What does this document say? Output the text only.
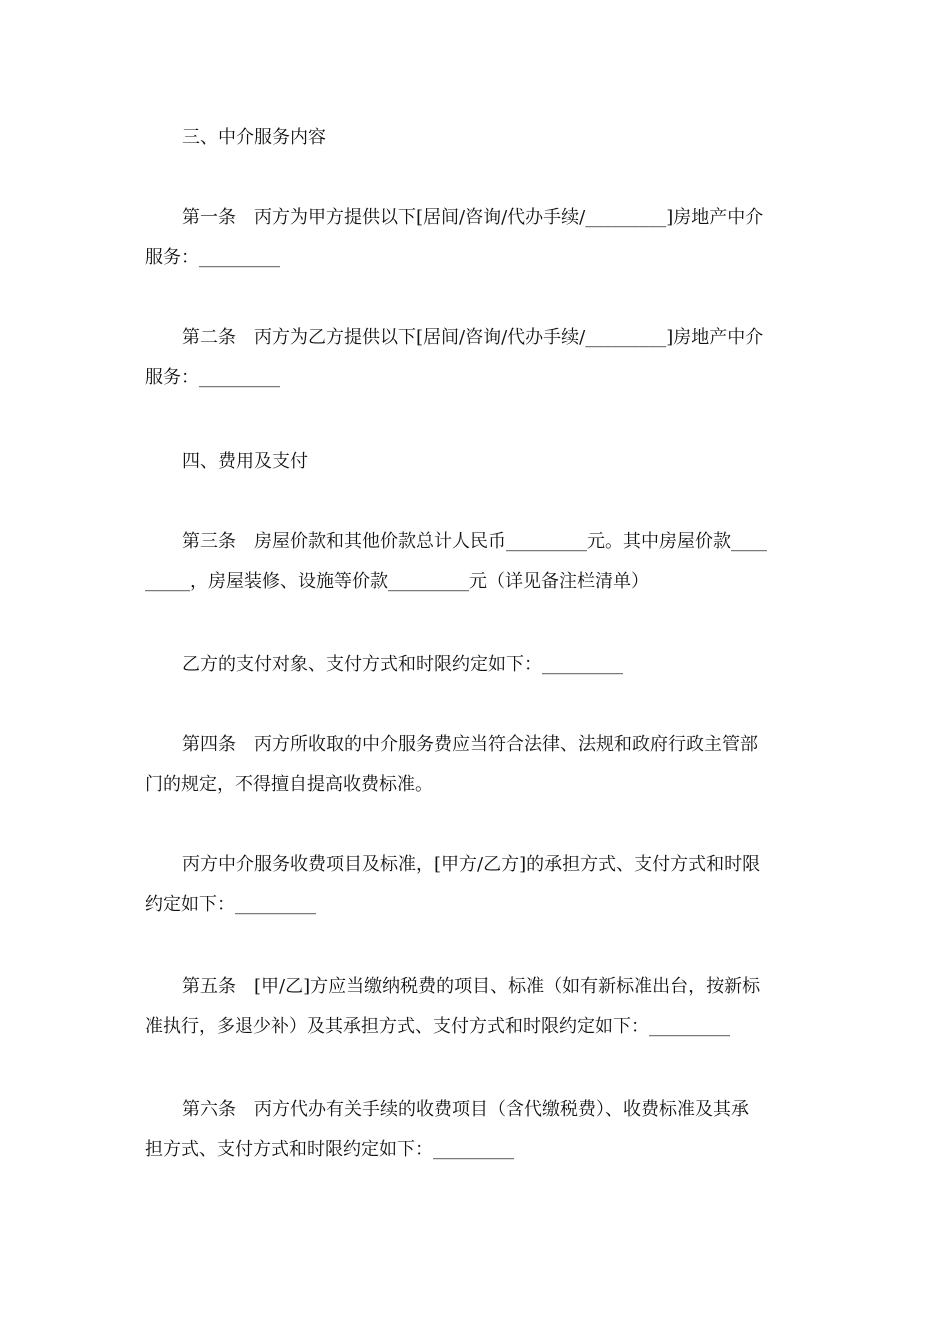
三、中介服务内容

第一条　丙方为甲方提供以下[居间/咨询/代办手续/_________]房地产中介
服务：_________

第二条　丙方为乙方提供以下[居间/咨询/代办手续/_________]房地产中介
服务：_________

四、费用及支付

第三条　房屋价款和其他价款总计人民币_________元。其中房屋价款____
_____，房屋装修、设施等价款_________元（详见备注栏清单）

乙方的支付对象、支付方式和时限约定如下：_________

第四条　丙方所收取的中介服务费应当符合法律、法规和政府行政主管部
门的规定，不得擅自提高收费标准。

丙方中介服务收费项目及标准，[甲方/乙方]的承担方式、支付方式和时限
约定如下：_________

第五条　[甲/乙]方应当缴纳税费的项目、标准（如有新标准出台，按新标
准执行，多退少补）及其承担方式、支付方式和时限约定如下：_________

第六条　丙方代办有关手续的收费项目（含代缴税费）、收费标准及其承
担方式、支付方式和时限约定如下：_________
